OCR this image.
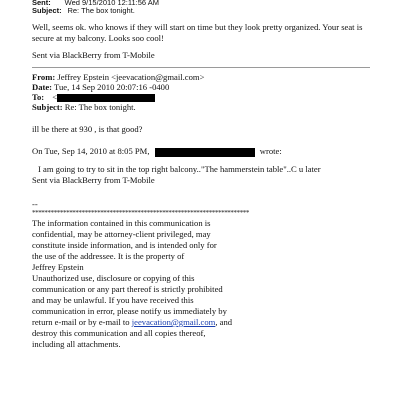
Sent: Wed 9/15/2010 12:11:56 AM
Subject: Re: The box tonight.
Well, seems ok. who knows if they will start on time but they look pretty organized. Your seat is
secure at my balcony. Looks soo cool!
Sent via BlackBerry from T-Mobile
From: Jeffrey Epstein <jeevacation@gmail.com>
Date: Tue, 14 Sep 2010 20:07:16 -0400
To: <
Subject: Re: The box tonight.
ill be there at 930 , is that good?
On Tue, Sep 14, 2010 at 8:05 PM,	wrote:
I am going to try to sit in the top right balcony.."The hammerstein table"..C u later
Sent via BlackBerry from T-Mobile
--
**********************************************************************
The information contained in this communication is
confidential, may be attorney-client privileged, may
constitute inside information, and is intended only for
the use of the addressee. It is the property of
Jeffrey Epstein
Unauthorized use, disclosure or copying of this
communication or any part thereof is strictly prohibited
and may be unlawful. If you have received this
communication in error, please notify us immediately by
return e-mail or by e-mail to jeevacation@gmail.com, and
destroy this communication and all copies thereof,
including all attachments.
